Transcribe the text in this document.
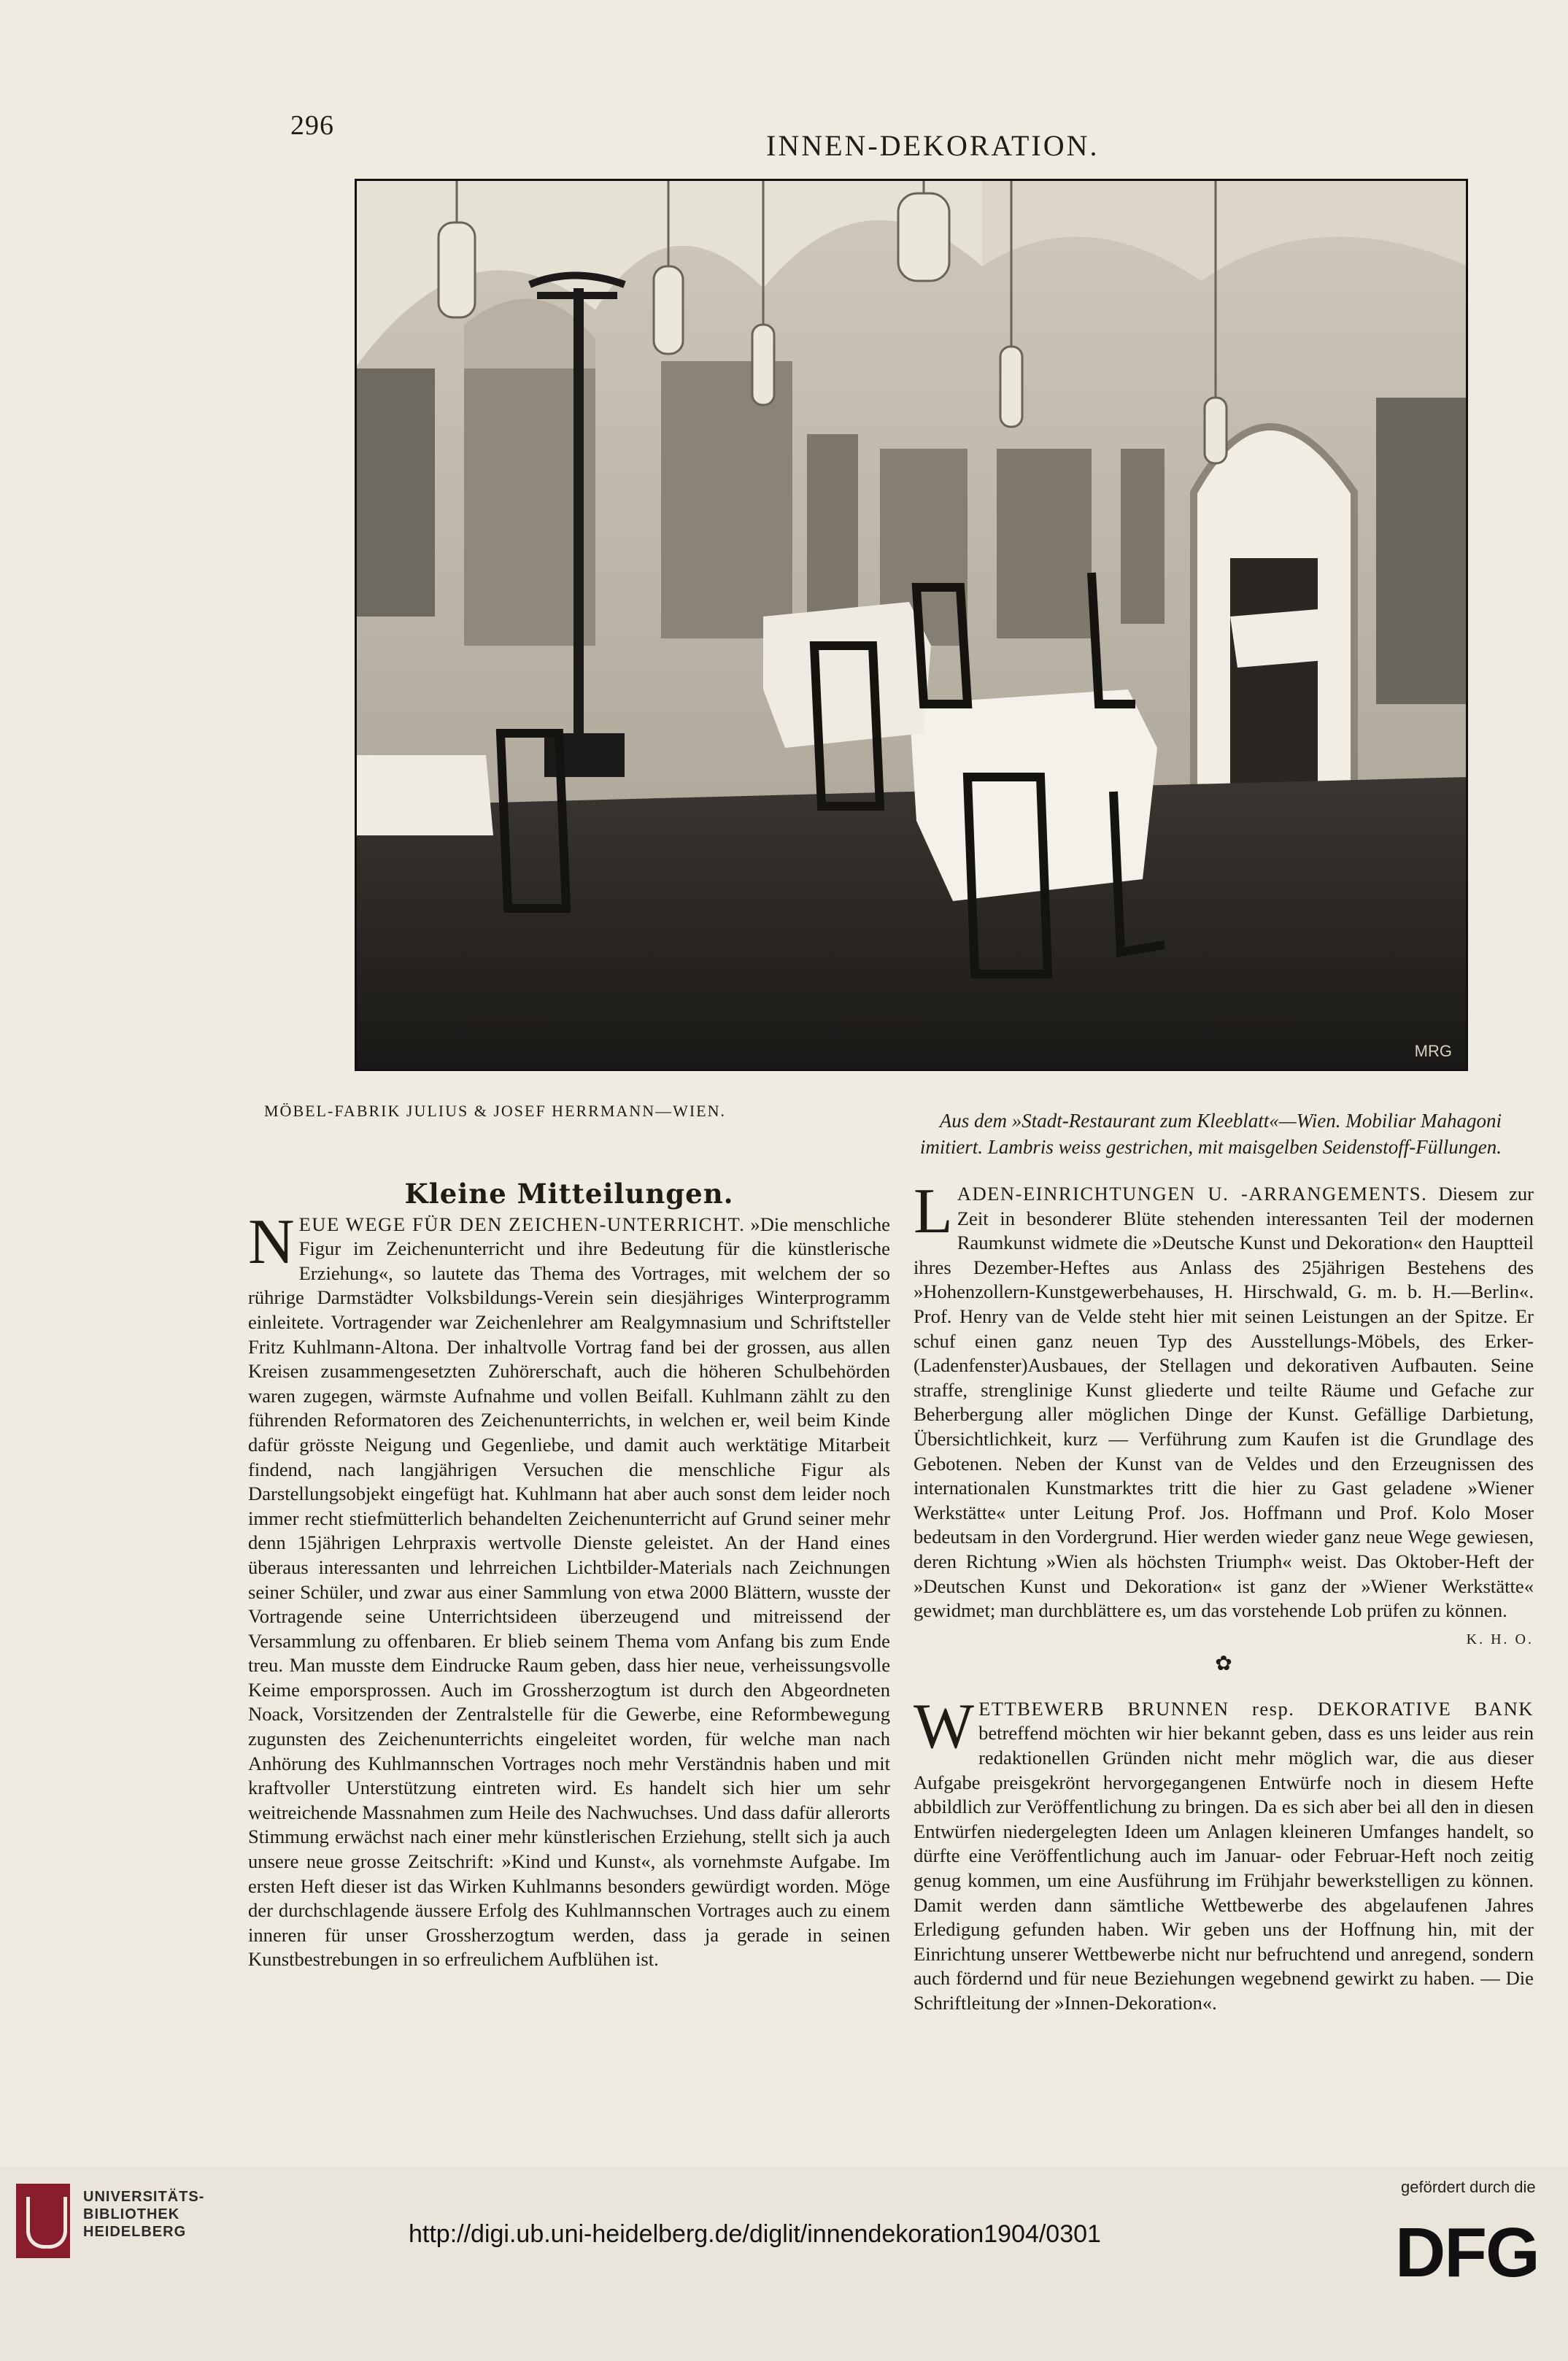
296
INNEN-DEKORATION.
MRG
MÖBEL-FABRIK JULIUS & JOSEF HERRMANN—WIEN.	Aus dem »Stadt-Restaurant zum Kleeblatt«—Wien. Mobiliar Mahagoni
imitiert. Lambris weiss gestrichen, mit maisgelben Seidenstoff-Füllungen.
Kleine Mitteilungen.
N EUE WEGE FÜR DEN ZEICHEN-UNTERRICHT. »Die menschliche Figur im Zeichenunterricht und ihre Bedeutung für die künstlerische Erziehung«, so lautete das Thema des Vortrages, mit welchem der so rührige Darmstädter Volksbildungs-Verein sein diesjähriges Winterprogramm einleitete. Vortragender war Zeichenlehrer am Realgymnasium und Schriftsteller Fritz Kuhlmann-Altona. Der inhaltvolle Vortrag fand bei der grossen, aus allen Kreisen zusammengesetzten Zuhörerschaft, auch die höheren Schulbehörden waren zugegen, wärmste Aufnahme und vollen Beifall. Kuhlmann zählt zu den führenden Reformatoren des Zeichenunterrichts, in welchen er, weil beim Kinde dafür grösste Neigung und Gegenliebe, und damit auch werktätige Mitarbeit findend, nach langjährigen Versuchen die menschliche Figur als Darstellungsobjekt eingefügt hat. Kuhlmann hat aber auch sonst dem leider noch immer recht stiefmütterlich behandelten Zeichenunterricht auf Grund seiner mehr denn 15jährigen Lehrpraxis wertvolle Dienste geleistet. An der Hand eines überaus interessanten und lehrreichen Lichtbilder-Materials nach Zeichnungen seiner Schüler, und zwar aus einer Sammlung von etwa 2000 Blättern, wusste der Vortragende seine Unterrichtsideen überzeugend und mitreissend der Versammlung zu offenbaren. Er blieb seinem Thema vom Anfang bis zum Ende treu. Man musste dem Eindrucke Raum geben, dass hier neue, verheissungsvolle Keime emporsprossen. Auch im Grossherzogtum ist durch den Abgeordneten Noack, Vorsitzenden der Zentralstelle für die Gewerbe, eine Reformbewegung zugunsten des Zeichenunterrichts eingeleitet worden, für welche man nach Anhörung des Kuhlmannschen Vortrages noch mehr Verständnis haben und mit kraftvoller Unterstützung eintreten wird. Es handelt sich hier um sehr weitreichende Massnahmen zum Heile des Nachwuchses. Und dass dafür allerorts Stimmung erwächst nach einer mehr künstlerischen Erziehung, stellt sich ja auch unsere neue grosse Zeitschrift: »Kind und Kunst«, als vornehmste Aufgabe. Im ersten Heft dieser ist das Wirken Kuhlmanns besonders gewürdigt worden. Möge der durchschlagende äussere Erfolg des Kuhlmannschen Vortrages auch zu einem inneren für unser Grossherzogtum werden, dass ja gerade in seinen Kunstbestrebungen in so erfreulichem Aufblühen ist.
L ADEN-EINRICHTUNGEN U. -ARRANGEMENTS. Diesem zur Zeit in besonderer Blüte stehenden interessanten Teil der modernen Raumkunst widmete die »Deutsche Kunst und Dekoration« den Hauptteil ihres Dezember-Heftes aus Anlass des 25jährigen Bestehens des »Hohenzollern-Kunstgewerbehauses, H. Hirschwald, G. m. b. H.—Berlin«. Prof. Henry van de Velde steht hier mit seinen Leistungen an der Spitze. Er schuf einen ganz neuen Typ des Ausstellungs-Möbels, des Erker-(Ladenfenster)Ausbaues, der Stellagen und dekorativen Aufbauten. Seine straffe, strenglinige Kunst gliederte und teilte Räume und Gefache zur Beherbergung aller möglichen Dinge der Kunst. Gefällige Darbietung, Übersichtlichkeit, kurz — Verführung zum Kaufen ist die Grundlage des Gebotenen. Neben der Kunst van de Veldes und den Erzeugnissen des internationalen Kunstmarktes tritt die hier zu Gast geladene »Wiener Werkstätte« unter Leitung Prof. Jos. Hoffmann und Prof. Kolo Moser bedeutsam in den Vordergrund. Hier werden wieder ganz neue Wege gewiesen, deren Richtung »Wien als höchsten Triumph« weist. Das Oktober-Heft der »Deutschen Kunst und Dekoration« ist ganz der »Wiener Werkstätte« gewidmet; man durchblättere es, um das vorstehende Lob prüfen zu können.
K. H. O.
✿
W ETTBEWERB BRUNNEN resp. DEKORATIVE BANK betreffend möchten wir hier bekannt geben, dass es uns leider aus rein redaktionellen Gründen nicht mehr möglich war, die aus dieser Aufgabe preisgekrönt hervorgegangenen Entwürfe noch in diesem Hefte abbildlich zur Veröffentlichung zu bringen. Da es sich aber bei all den in diesen Entwürfen niedergelegten Ideen um Anlagen kleineren Umfanges handelt, so dürfte eine Veröffentlichung auch im Januar- oder Februar-Heft noch zeitig genug kommen, um eine Ausführung im Frühjahr bewerkstelligen zu können. Damit werden dann sämtliche Wettbewerbe des abgelaufenen Jahres Erledigung gefunden haben. Wir geben uns der Hoffnung hin, mit der Einrichtung unserer Wettbewerbe nicht nur befruchtend und anregend, sondern auch fördernd und für neue Beziehungen wegebnend gewirkt zu haben. — Die Schriftleitung der »Innen-Dekoration«.
UNIVERSITÄTS-
BIBLIOTHEK
HEIDELBERG	http://digi.ub.uni-heidelberg.de/diglit/innendekoration1904/0301
gefördert durch die
DFG
